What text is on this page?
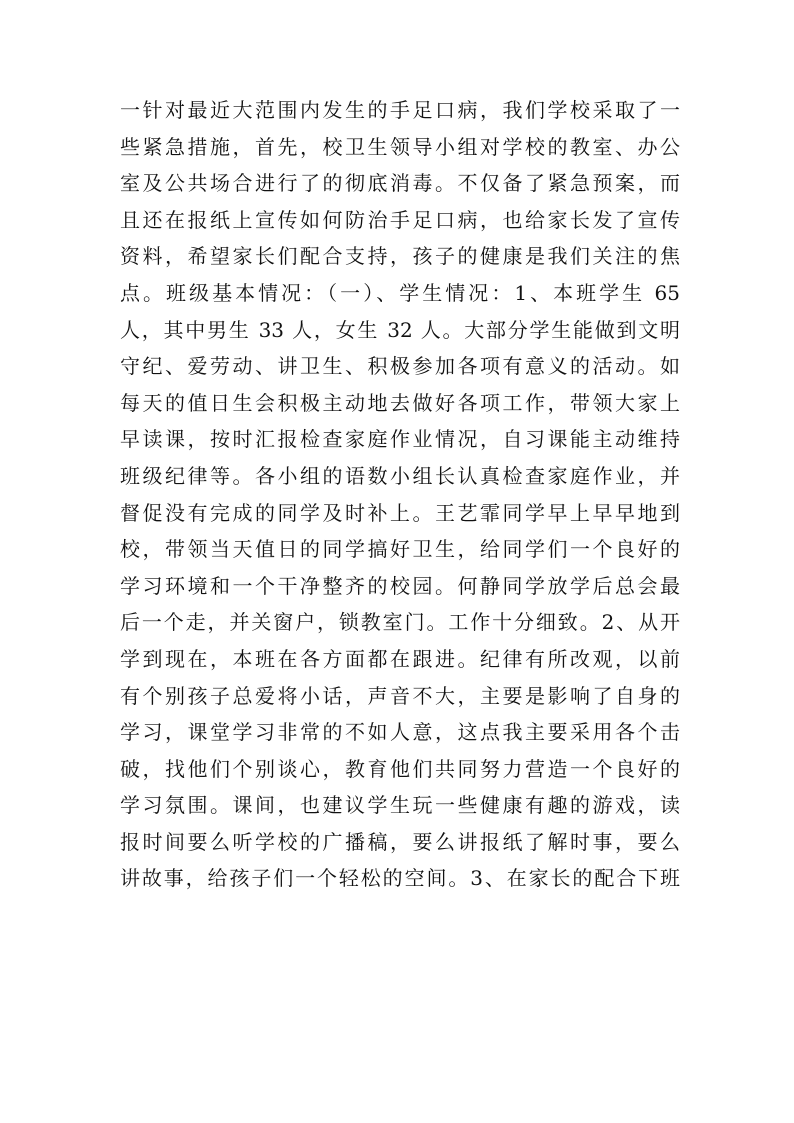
一针对最近大范围内发生的手足口病，我们学校采取了一
些紧急措施，首先，校卫生领导小组对学校的教室、办公
室及公共场合进行了的彻底消毒。不仅备了紧急预案，而
且还在报纸上宣传如何防治手足口病，也给家长发了宣传
资料，希望家长们配合支持，孩子的健康是我们关注的焦
点。班级基本情况：（一）、学生情况：1、本班学生 65
人，其中男生 33 人，女生 32 人。大部分学生能做到文明
守纪、爱劳动、讲卫生、积极参加各项有意义的活动。如
每天的值日生会积极主动地去做好各项工作，带领大家上
早读课，按时汇报检查家庭作业情况，自习课能主动维持
班级纪律等。各小组的语数小组长认真检查家庭作业，并
督促没有完成的同学及时补上。王艺霏同学早上早早地到
校，带领当天值日的同学搞好卫生，给同学们一个良好的
学习环境和一个干净整齐的校园。何静同学放学后总会最
后一个走，并关窗户，锁教室门。工作十分细致。2、从开
学到现在，本班在各方面都在跟进。纪律有所改观，以前
有个别孩子总爱将小话，声音不大，主要是影响了自身的
学习，课堂学习非常的不如人意，这点我主要采用各个击
破，找他们个别谈心，教育他们共同努力营造一个良好的
学习氛围。课间，也建议学生玩一些健康有趣的游戏，读
报时间要么听学校的广播稿，要么讲报纸了解时事，要么
讲故事，给孩子们一个轻松的空间。3、在家长的配合下班
